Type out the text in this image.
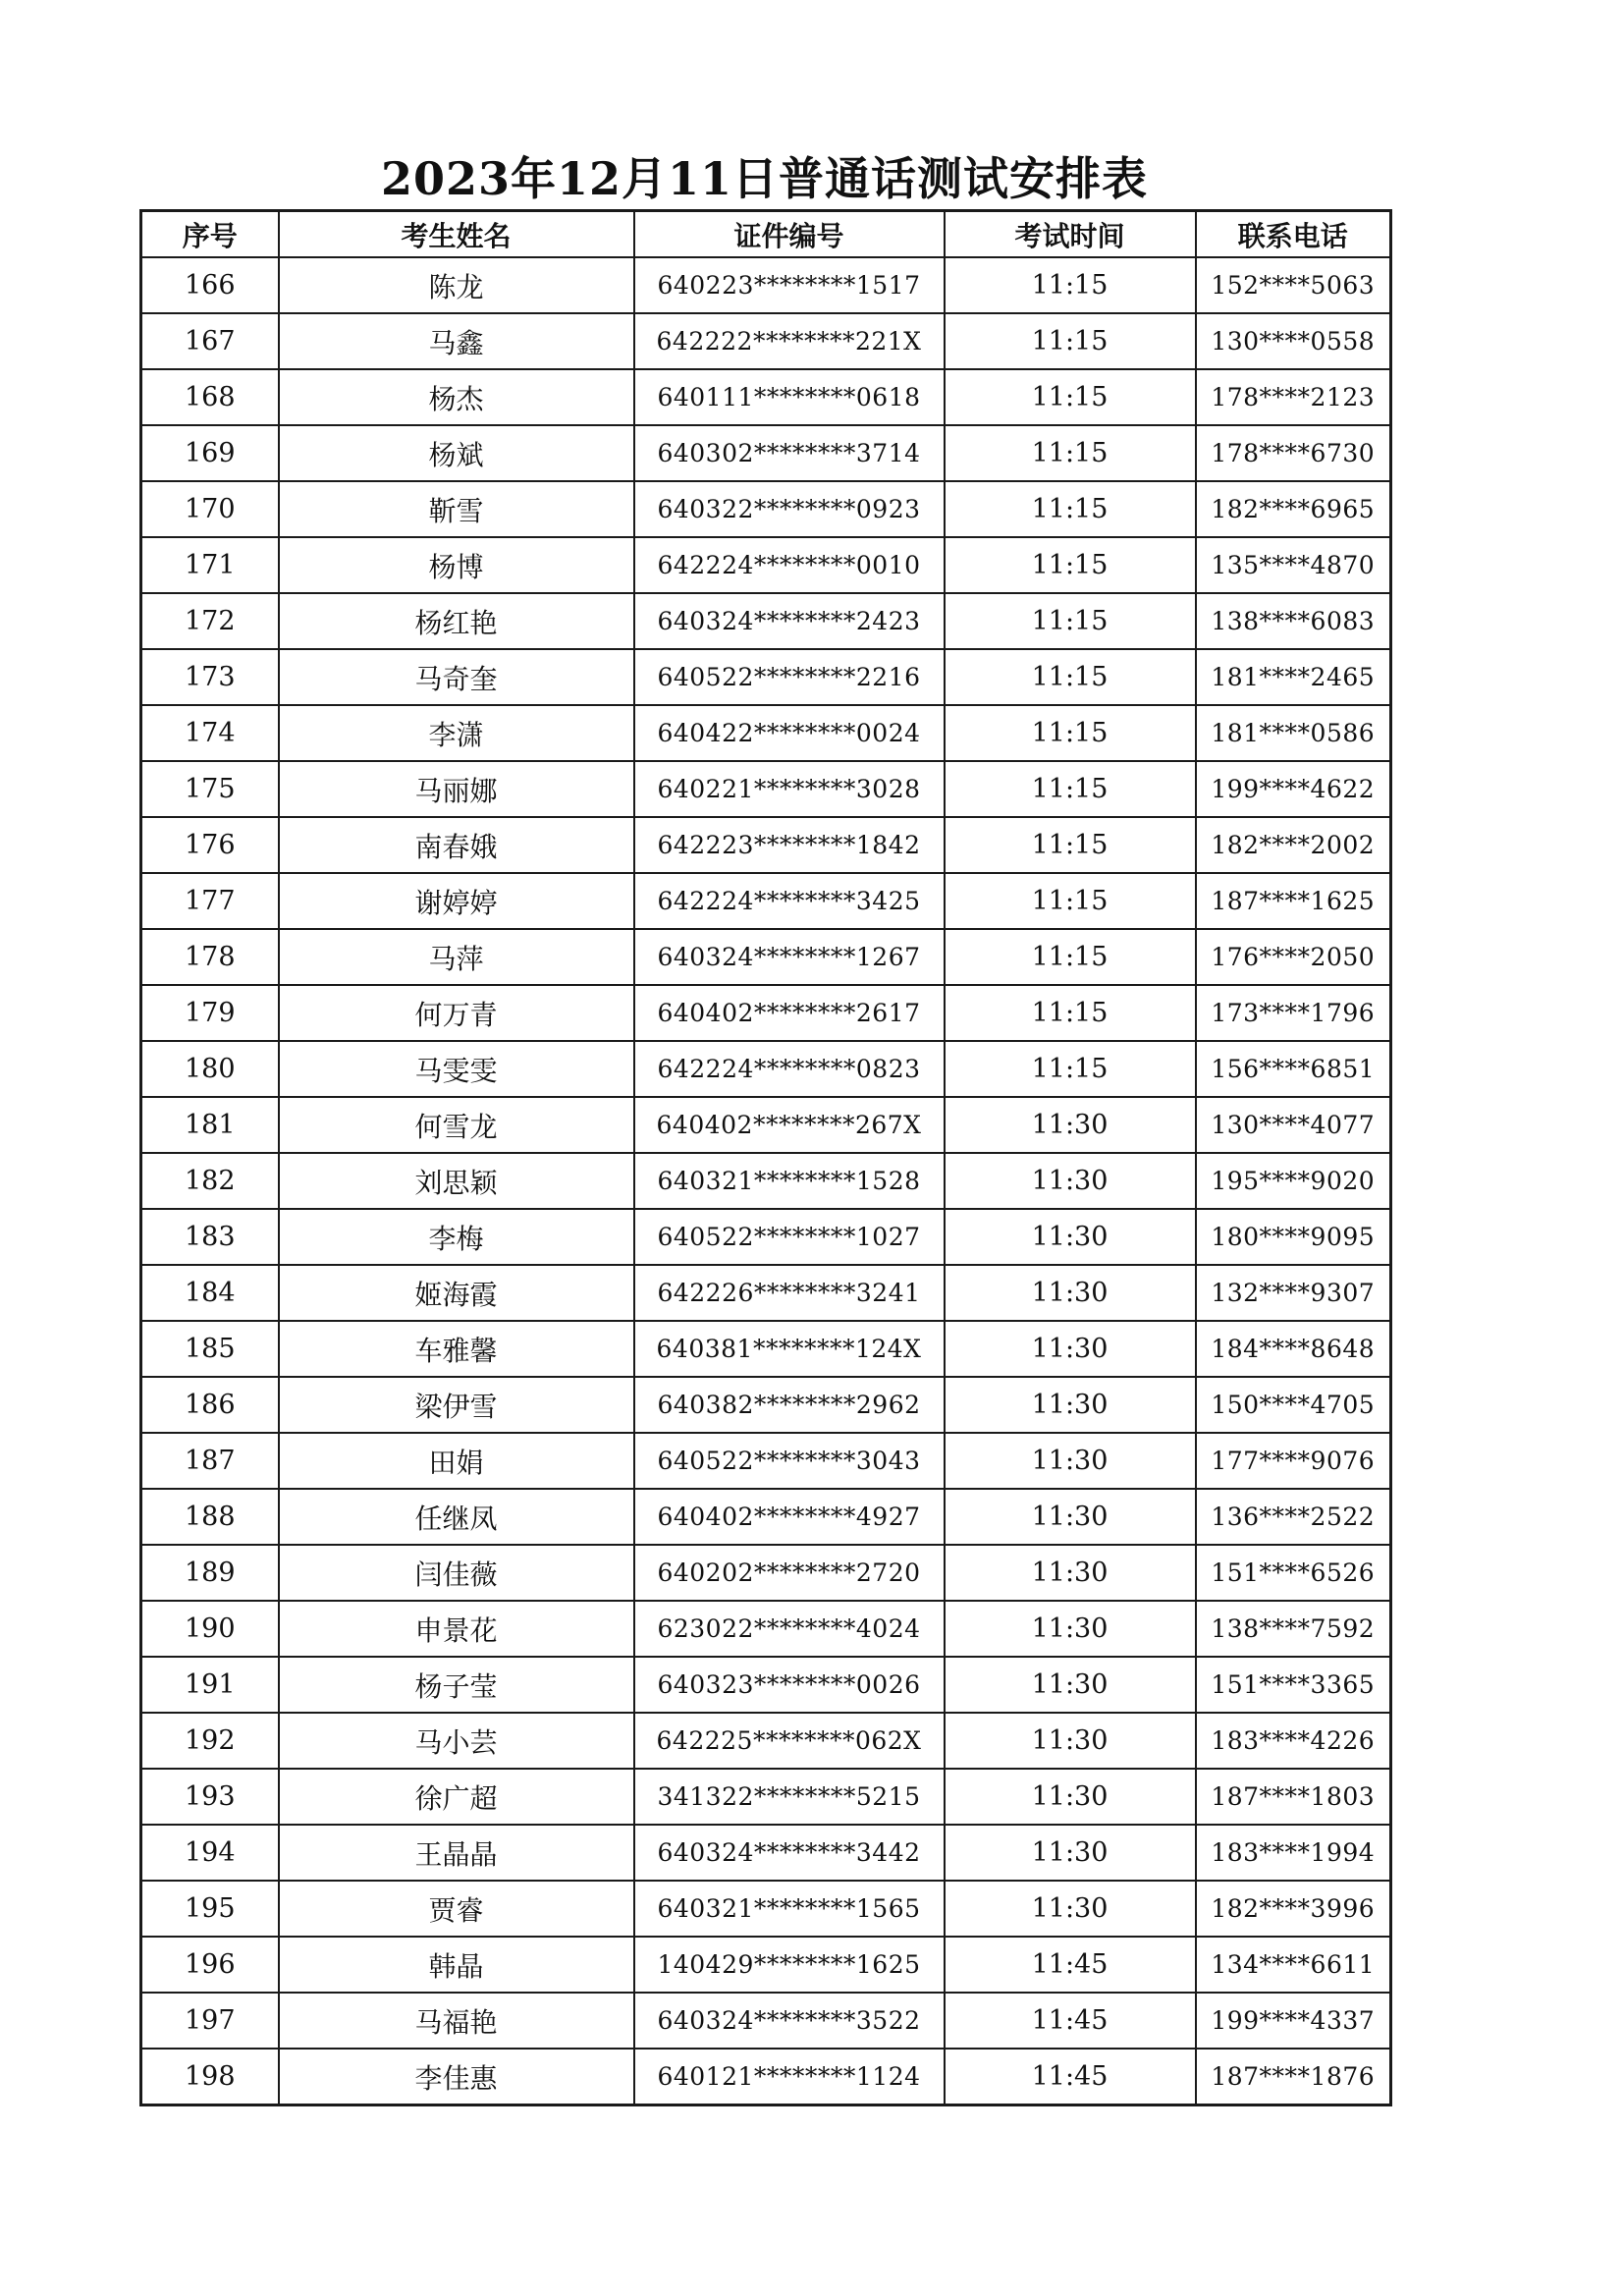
2023年12月11日普通话测试安排表
序号	考生姓名	证件编号	考试时间	联系电话
166	陈龙	640223********1517	11:15	152****5063
167	马鑫	642222********221X	11:15	130****0558
168	杨杰	640111********0618	11:15	178****2123
169	杨斌	640302********3714	11:15	178****6730
170	靳雪	640322********0923	11:15	182****6965
171	杨博	642224********0010	11:15	135****4870
172	杨红艳	640324********2423	11:15	138****6083
173	马奇奎	640522********2216	11:15	181****2465
174	李潇	640422********0024	11:15	181****0586
175	马丽娜	640221********3028	11:15	199****4622
176	南春娥	642223********1842	11:15	182****2002
177	谢婷婷	642224********3425	11:15	187****1625
178	马萍	640324********1267	11:15	176****2050
179	何万青	640402********2617	11:15	173****1796
180	马雯雯	642224********0823	11:15	156****6851
181	何雪龙	640402********267X	11:30	130****4077
182	刘思颖	640321********1528	11:30	195****9020
183	李梅	640522********1027	11:30	180****9095
184	姬海霞	642226********3241	11:30	132****9307
185	车雅馨	640381********124X	11:30	184****8648
186	梁伊雪	640382********2962	11:30	150****4705
187	田娟	640522********3043	11:30	177****9076
188	任继凤	640402********4927	11:30	136****2522
189	闫佳薇	640202********2720	11:30	151****6526
190	申景花	623022********4024	11:30	138****7592
191	杨子莹	640323********0026	11:30	151****3365
192	马小芸	642225********062X	11:30	183****4226
193	徐广超	341322********5215	11:30	187****1803
194	王晶晶	640324********3442	11:30	183****1994
195	贾睿	640321********1565	11:30	182****3996
196	韩晶	140429********1625	11:45	134****6611
197	马福艳	640324********3522	11:45	199****4337
198	李佳惠	640121********1124	11:45	187****1876
